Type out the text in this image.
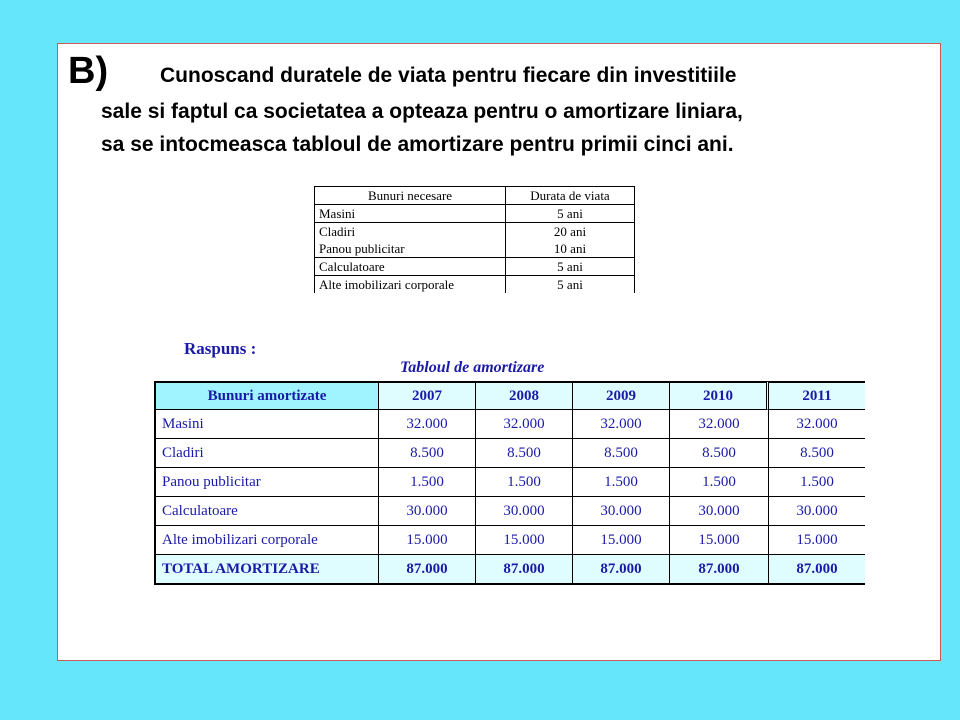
B) Cunoscand duratele de viata pentru fiecare din investitiile
sale si faptul ca societatea a opteaza pentru o amortizare liniara,
sa se intocmeasca tabloul de amortizare pentru primii cinci ani.
Bunuri necesare	Durata de viata
Masini	5 ani
Cladiri	20 ani
Panou publicitar	10 ani
Calculatoare	5 ani
Alte imobilizari corporale	5 ani
Raspuns :
Tabloul de amortizare
Bunuri amortizate	2007	2008	2009	2010	2011
Masini	32.000	32.000	32.000	32.000	32.000
Cladiri	8.500	8.500	8.500	8.500	8.500
Panou publicitar	1.500	1.500	1.500	1.500	1.500
Calculatoare	30.000	30.000	30.000	30.000	30.000
Alte imobilizari corporale	15.000	15.000	15.000	15.000	15.000
TOTAL AMORTIZARE	87.000	87.000	87.000	87.000	87.000
